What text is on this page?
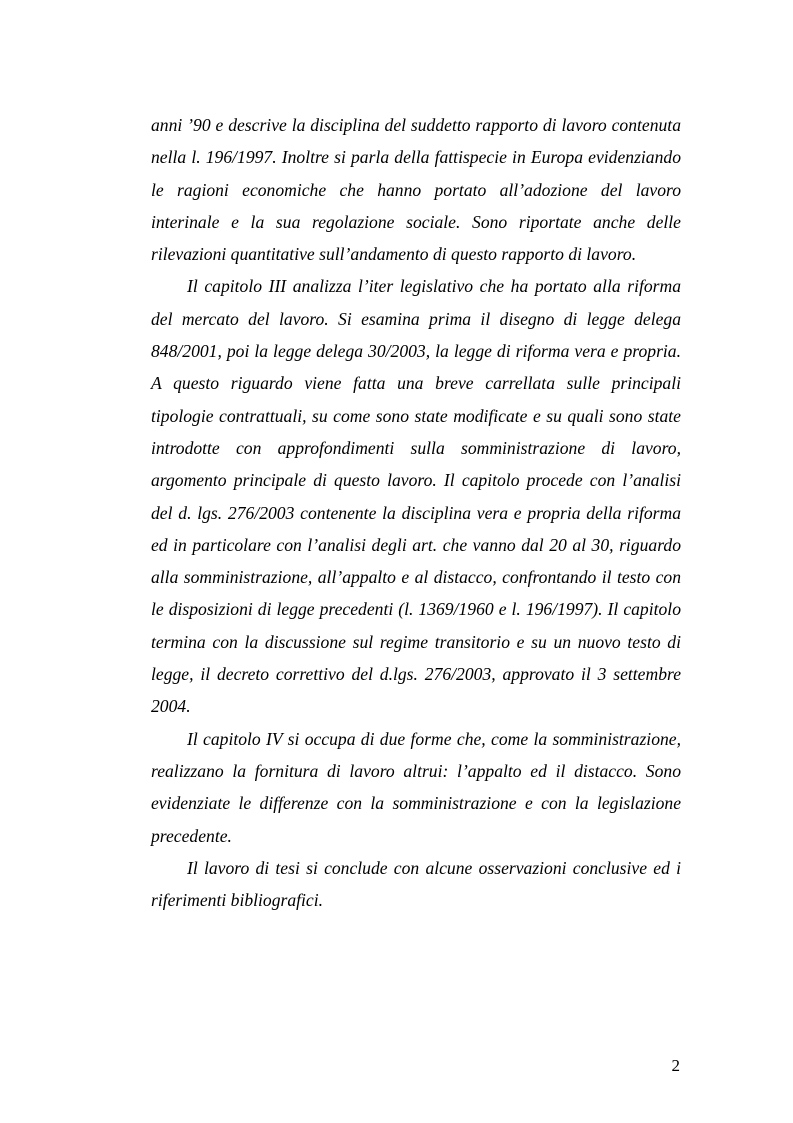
anni ’90 e descrive la disciplina del suddetto rapporto di lavoro contenuta nella l. 196/1997. Inoltre si parla della fattispecie in Europa evidenziando le ragioni economiche che hanno portato all’adozione del lavoro interinale e la sua regolazione sociale. Sono riportate anche delle rilevazioni quantitative sull’andamento di questo rapporto di lavoro.

Il capitolo III analizza l’iter legislativo che ha portato alla riforma del mercato del lavoro. Si esamina prima il disegno di legge delega 848/2001, poi la legge delega 30/2003, la legge di riforma vera e propria. A questo riguardo viene fatta una breve carrellata sulle principali tipologie contrattuali, su come sono state modificate e su quali sono state introdotte con approfondimenti sulla somministrazione di lavoro, argomento principale di questo lavoro. Il capitolo procede con l’analisi del d. lgs. 276/2003 contenente la disciplina vera e propria della riforma ed in particolare con l’analisi degli art. che vanno dal 20 al 30, riguardo alla somministrazione, all’appalto e al distacco, confrontando il testo con le disposizioni di legge precedenti (l. 1369/1960 e l. 196/1997). Il capitolo termina con la discussione sul regime transitorio e su un nuovo testo di legge, il decreto correttivo del d.lgs. 276/2003, approvato il 3 settembre 2004.

Il capitolo IV si occupa di due forme che, come la somministrazione, realizzano la fornitura di lavoro altrui: l’appalto ed il distacco. Sono evidenziate le differenze con la somministrazione e con la legislazione precedente.

Il lavoro di tesi si conclude con alcune osservazioni conclusive ed i riferimenti bibliografici.

2
